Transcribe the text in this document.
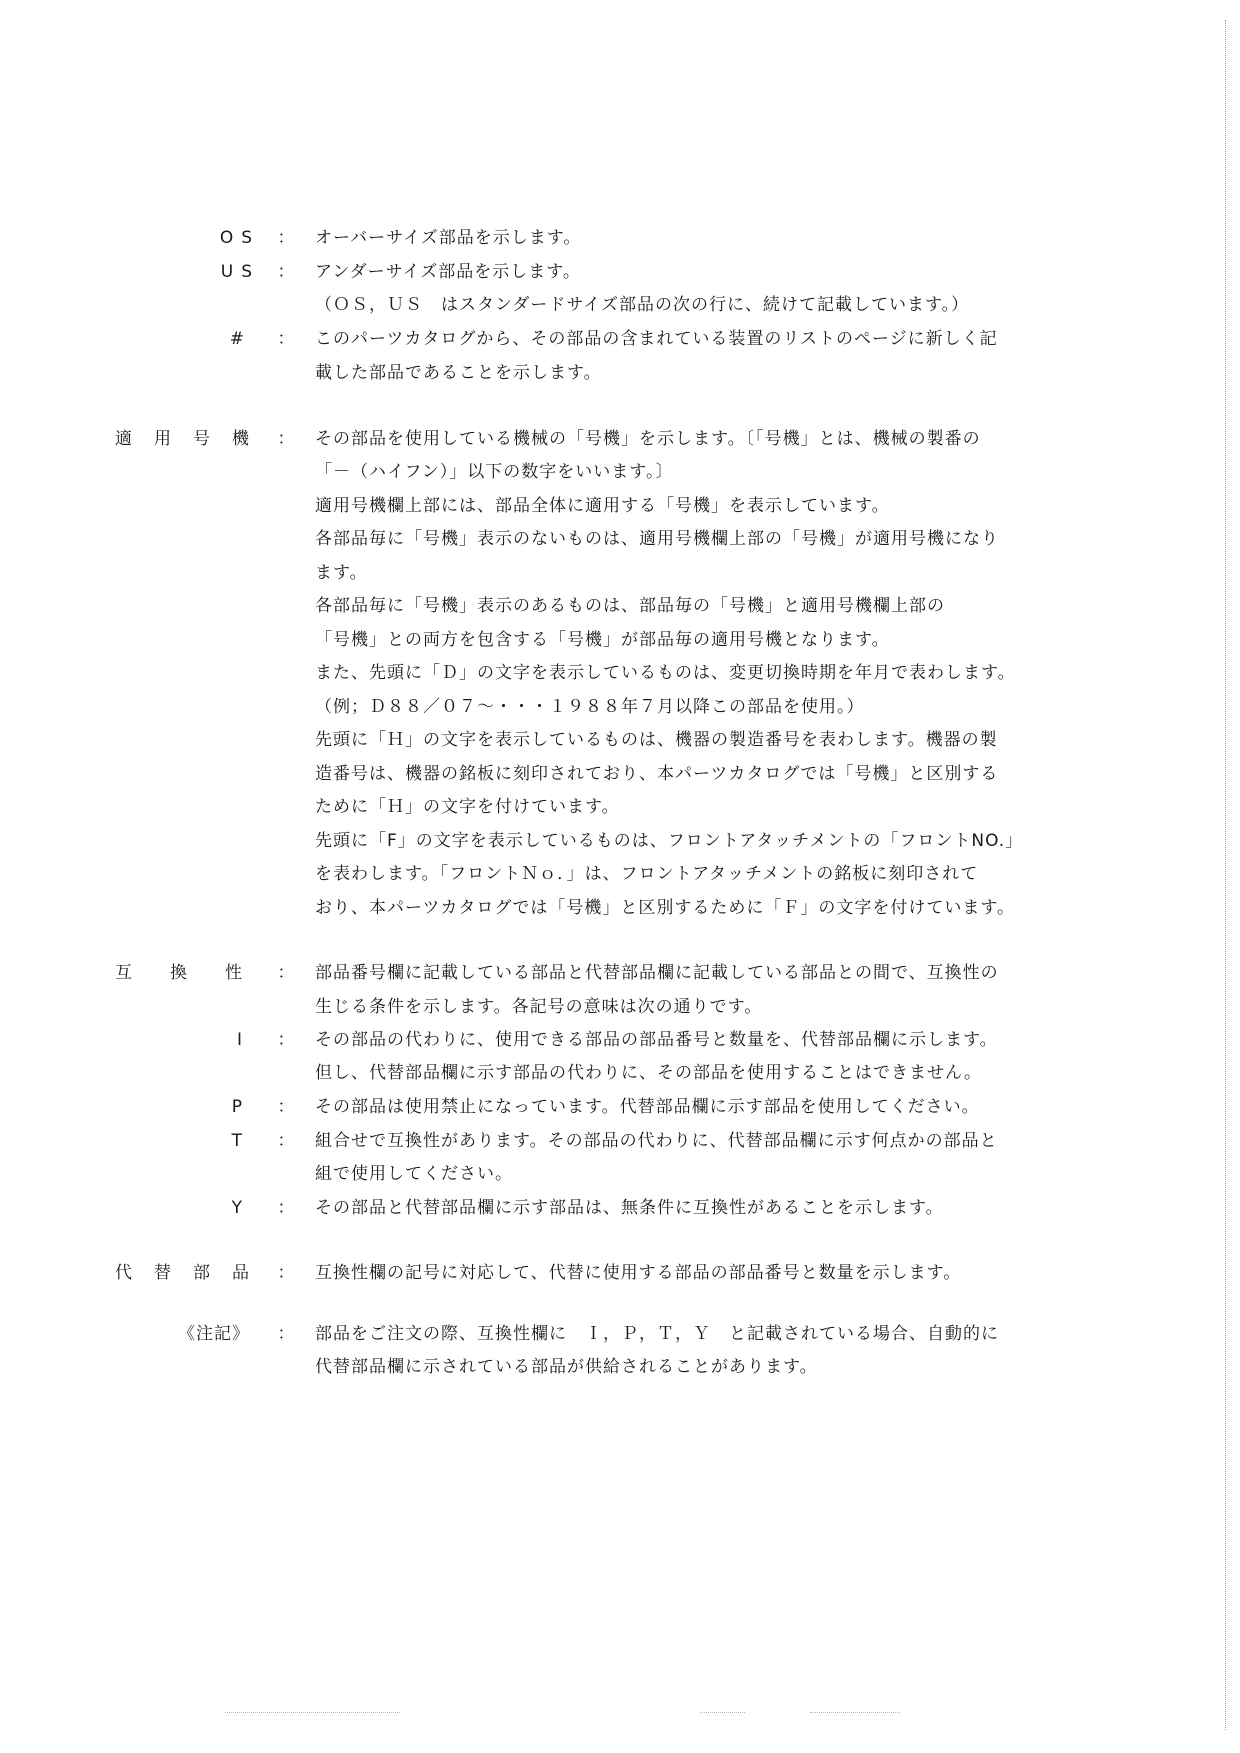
OS ： オーバーサイズ部品を示します。
US ： アンダーサイズ部品を示します。
（ＯＳ，ＵＳ　はスタンダードサイズ部品の次の行に、続けて記載しています。）
# ： このパーツカタログから、その部品の含まれている装置のリストのページに新しく記
載した部品であることを示します。
適用号機 ： その部品を使用している機械の「号機」を示します。〔「号機」とは、機械の製番の
「－（ハイフン）」以下の数字をいいます。〕
適用号機欄上部には、部品全体に適用する「号機」を表示しています。
各部品毎に「号機」表示のないものは、適用号機欄上部の「号機」が適用号機になり
ます。
各部品毎に「号機」表示のあるものは、部品毎の「号機」と適用号機欄上部の
「号機」との両方を包含する「号機」が部品毎の適用号機となります。
また、先頭に「Ｄ」の文字を表示しているものは、変更切換時期を年月で表わします。
（例；Ｄ８８／０７～・・・１９８８年７月以降この部品を使用。）
先頭に「Ｈ」の文字を表示しているものは、機器の製造番号を表わします。機器の製
造番号は、機器の銘板に刻印されており、本パーツカタログでは「号機」と区別する
ために「Ｈ」の文字を付けています。
先頭に「F」の文字を表示しているものは、フロントアタッチメントの「フロントNO.」
を表わします。「フロントＮｏ．」は、フロントアタッチメントの銘板に刻印されて
おり、本パーツカタログでは「号機」と区別するために「Ｆ」の文字を付けています。
互換性
： 部品番号欄に記載している部品と代替部品欄に記載している部品との間で、互換性の
生じる条件を示します。各記号の意味は次の通りです。
I ： その部品の代わりに、使用できる部品の部品番号と数量を、代替部品欄に示します。
但し、代替部品欄に示す部品の代わりに、その部品を使用することはできません。
P ： その部品は使用禁止になっています。代替部品欄に示す部品を使用してください。
T ： 組合せで互換性があります。その部品の代わりに、代替部品欄に示す何点かの部品と
組で使用してください。
Y ： その部品と代替部品欄に示す部品は、無条件に互換性があることを示します。
代替部品 ： 互換性欄の記号に対応して、代替に使用する部品の部品番号と数量を示します。
《注記》 ： 部品をご注文の際、互換性欄に　Ｉ，Ｐ，Ｔ，Ｙ　と記載されている場合、自動的に
代替部品欄に示されている部品が供給されることがあります。
